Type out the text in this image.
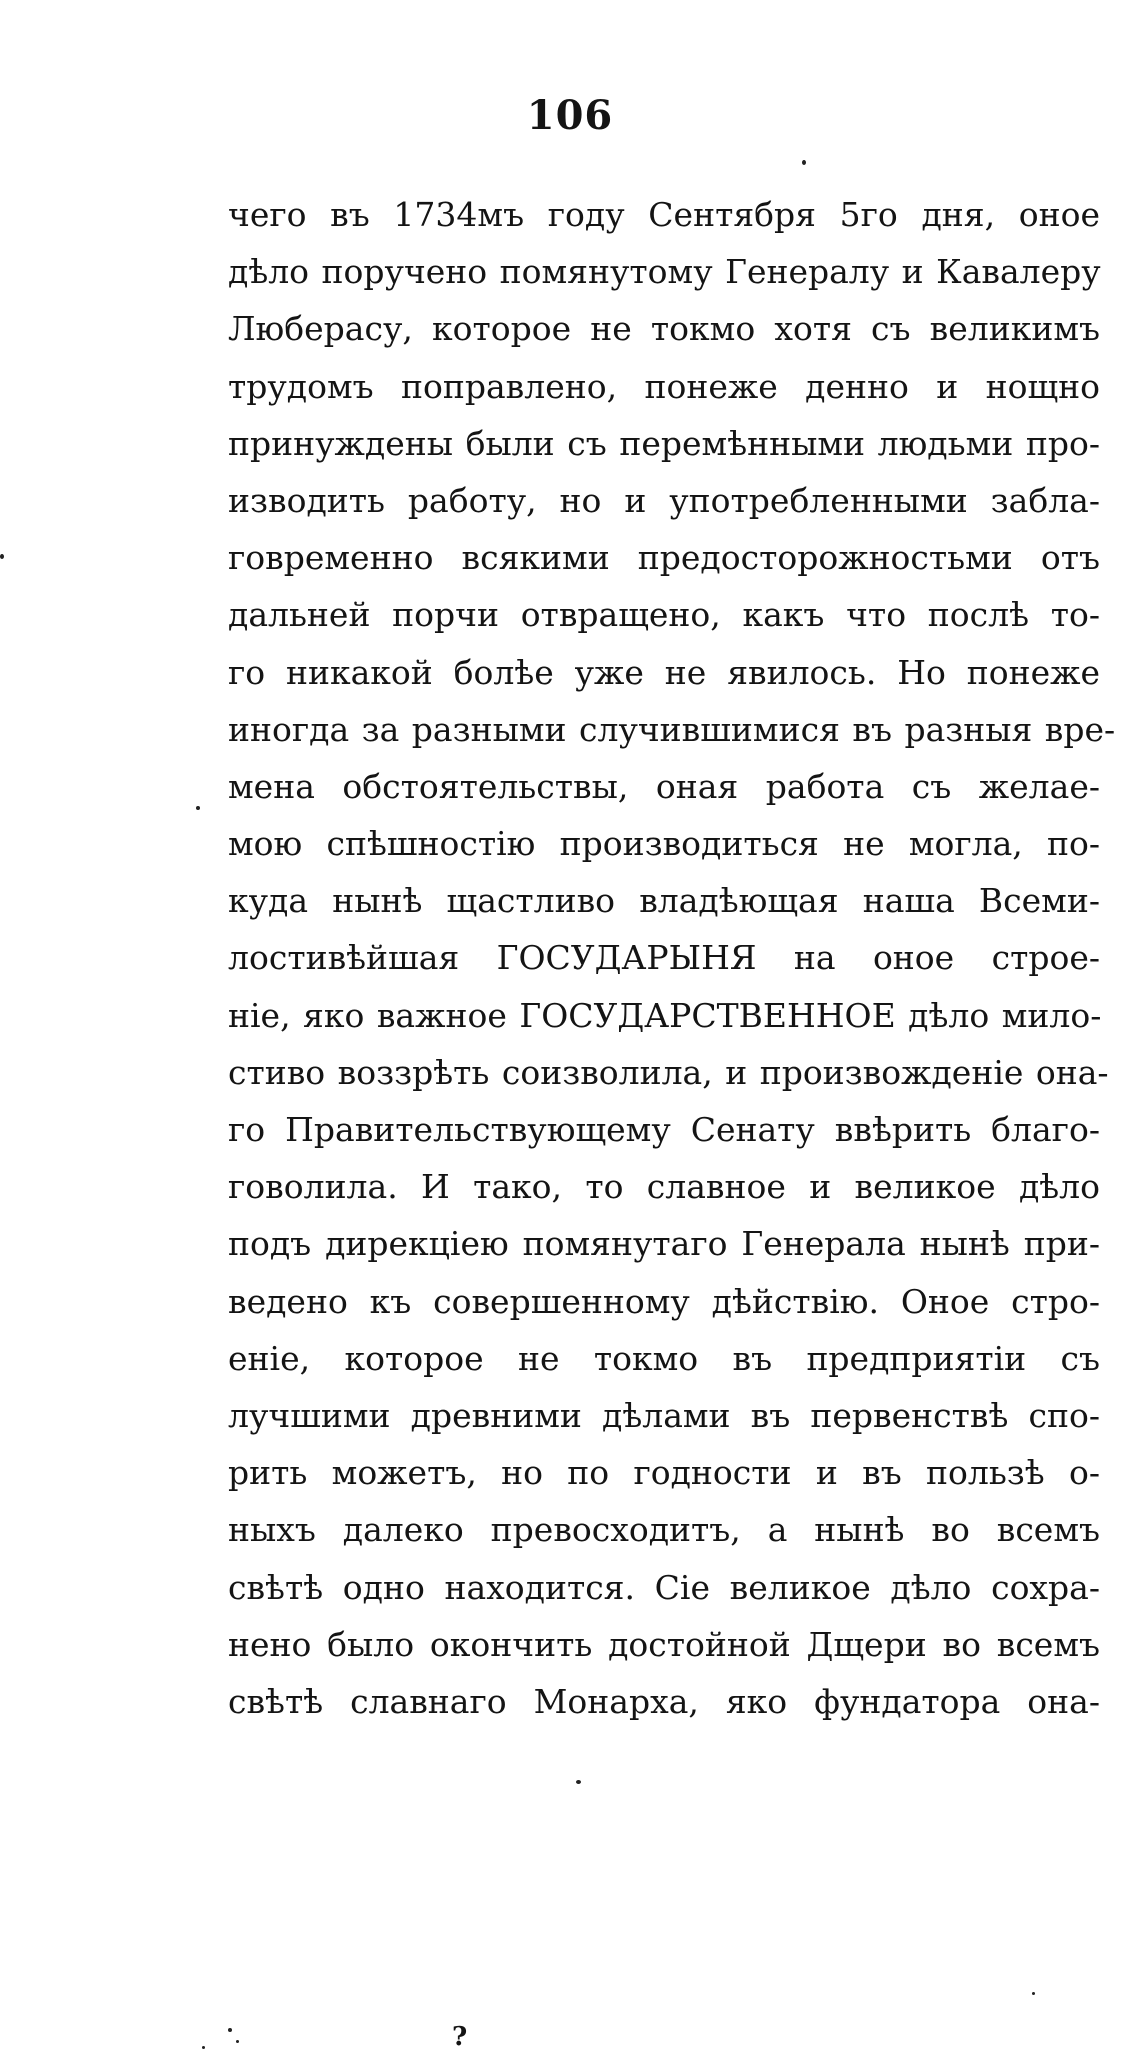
106
чего въ 1734мъ году Сентября 5го дня, оное
дѣло поручено помянутому Генералу и Кавалеру
Люберасу, которое не токмо хотя съ великимъ
трудомъ поправлено, понеже денно и нощно
принуждены были съ перемѣнными людьми про-
изводить работу, но и употребленными забла-
говременно всякими предосторожностьми отъ
дальней порчи отвращено, какъ что послѣ то-
го никакой болѣе уже не явилось. Но понеже
иногда за разными случившимися въ разныя вре-
мена обстоятельствы, оная работа съ желае-
мою спѣшностiю производиться не могла, по-
куда нынѣ щастливо владѣющая наша Всеми-
лостивѣйшая ГОСУДАРЫНЯ на оное строе-
нiе, яко важное ГОСУДАРСТВЕННОЕ дѣло мило-
стиво воззрѣть соизволила, и произвожденiе она-
го Правительствующему Сенату ввѣрить благо-
говолила. И тако, то славное и великое дѣло
подъ дирекцiею помянутаго Генерала нынѣ при-
ведено къ совершенному дѣйствiю. Оное стро-
енiе, которое не токмо въ предприятiи съ
лучшими древними дѣлами въ первенствѣ спо-
рить можетъ, но по годности и въ пользѣ о-
ныхъ далеко превосходитъ, а нынѣ во всемъ
свѣтѣ одно находится. Сiе великое дѣло сохра-
нено было окончить достойной Дщери во всемъ
свѣтѣ славнаго Монарха, яко фундатора она-
?
